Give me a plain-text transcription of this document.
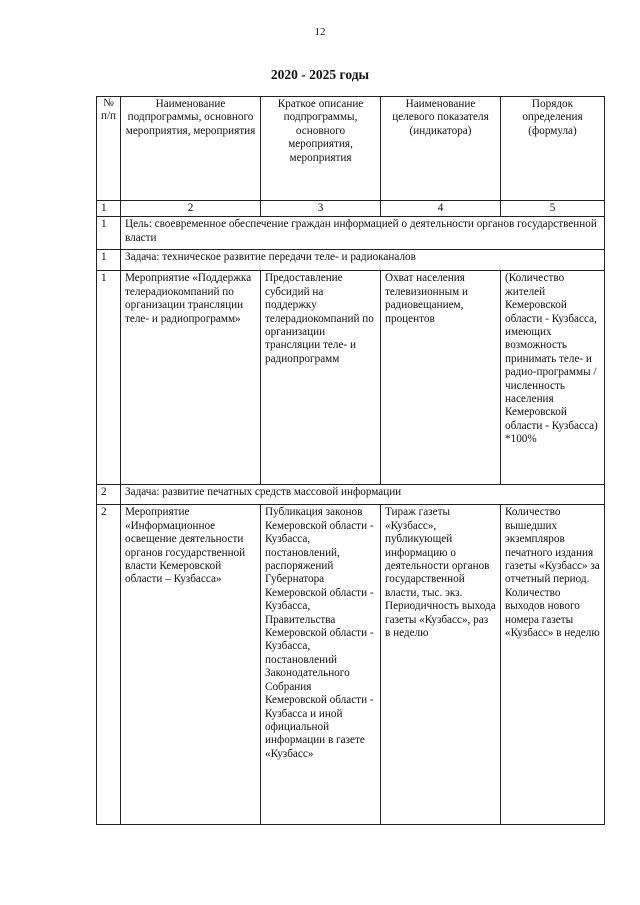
12
2020 - 2025 годы
№ п/п	Наименование подпрограммы, основного мероприятия, мероприятия	Краткое описание подпрограммы, основного мероприятия, мероприятия	Наименование целевого показателя (индикатора)	Порядок определения (формула)
1	2	3	4	5
1	Цель: своевременное обеспечение граждан информацией о деятельности органов государственной власти			
1	Задача: техническое развитие передачи теле- и радиоканалов			
1	Мероприятие «Поддержка телерадиокомпаний по организации трансляции теле- и радиопрограмм»	Предоставление субсидий на поддержку телерадиокомпаний по организации трансляции теле- и радиопрограмм	Охват населения телевизионным и радиовещанием, процентов	(Количество жителей Кемеровской области - Кузбасса, имеющих возможность принимать теле- и радио-программы / численность населения Кемеровской области - Кузбасса) *100%
2	Задача: развитие печатных средств массовой информации			
2	Мероприятие «Информационное освещение деятельности органов государственной власти Кемеровской области – Кузбасса»	Публикация законов Кемеровской области - Кузбасса, постановлений, распоряжений Губернатора Кемеровской области - Кузбасса, Правительства Кемеровской области - Кузбасса, постановлений Законодательного Собрания Кемеровской области - Кузбасса и иной официальной информации в газете «Кузбасс»	Тираж газеты «Кузбасс», публикующей информацию о деятельности органов государственной власти, тыс. экз. Периодичность выхода газеты «Кузбасс», раз в неделю	Количество вышедших экземпляров печатного издания газеты «Кузбасс» за отчетный период. Количество выходов нового номера газеты «Кузбасс» в неделю
